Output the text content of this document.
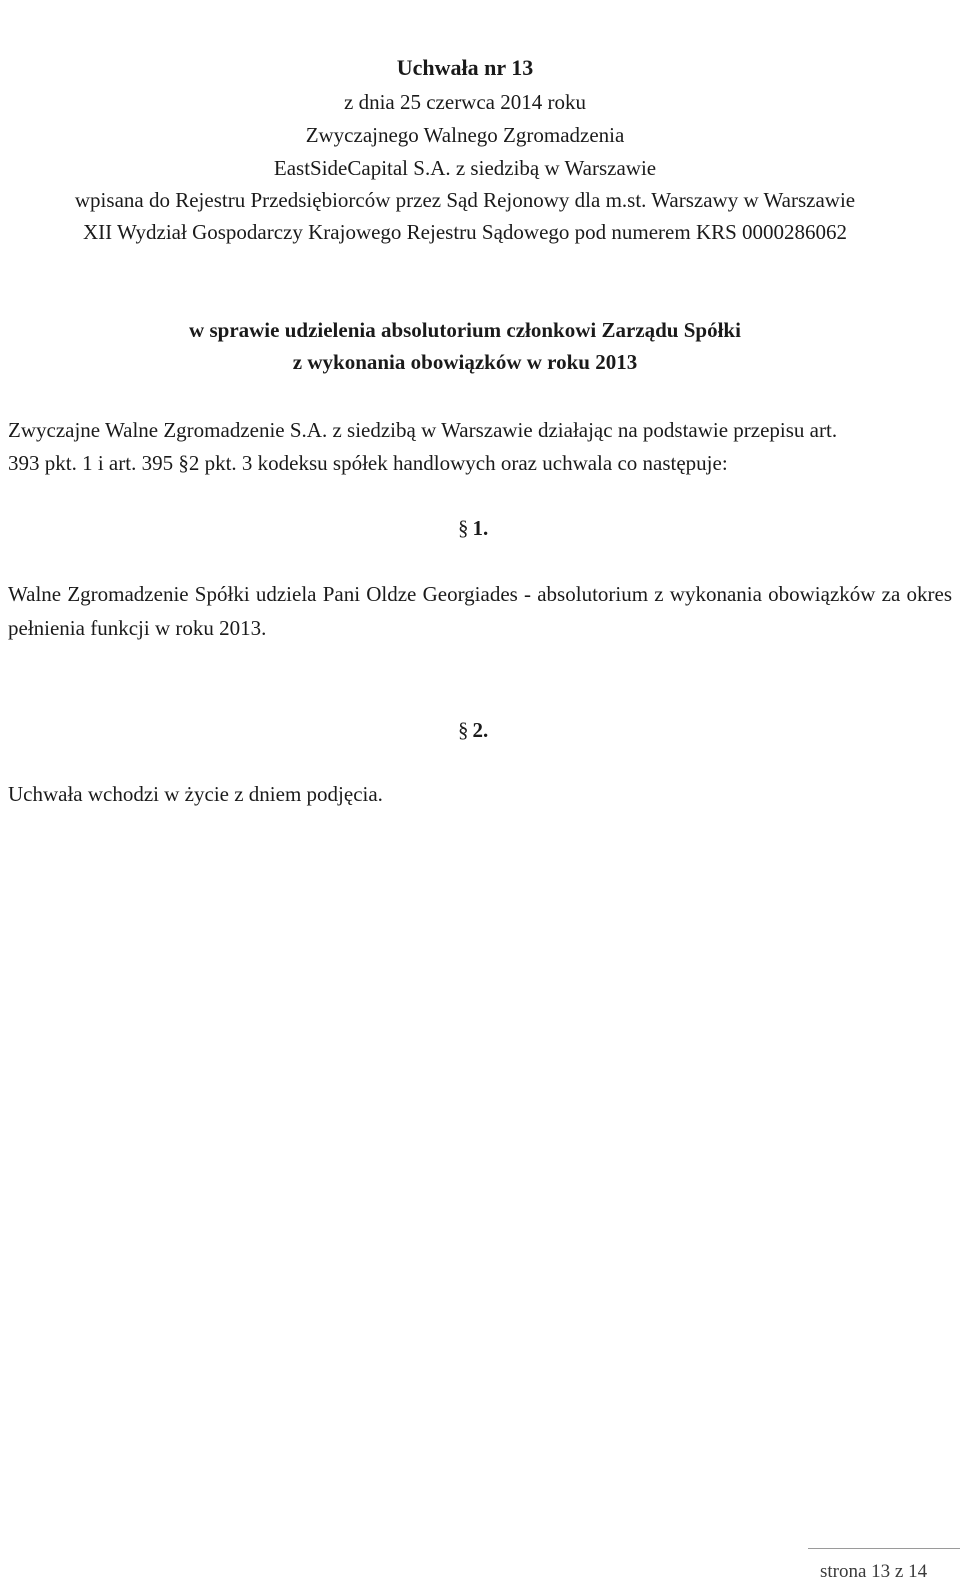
Uchwała nr 13
z dnia 25 czerwca 2014 roku
Zwyczajnego Walnego Zgromadzenia
EastSideCapital S.A. z siedzibą w Warszawie
wpisana do Rejestru Przedsiębiorców przez Sąd Rejonowy dla m.st. Warszawy w Warszawie
XII Wydział Gospodarczy Krajowego Rejestru Sądowego pod numerem KRS 0000286062
w sprawie udzielenia absolutorium członkowi Zarządu Spółki
z wykonania obowiązków w roku 2013
Zwyczajne Walne Zgromadzenie S.A. z siedzibą w Warszawie działając na podstawie przepisu art.
393 pkt. 1 i art. 395 §2 pkt. 3 kodeksu spółek handlowych oraz uchwala co następuje:
§ 1.

Walne Zgromadzenie Spółki udziela Pani Oldze Georgiades - absolutorium z wykonania obowiązków za okres pełnienia funkcji w roku 2013.

§ 2.
Uchwała wchodzi w życie z dniem podjęcia.
strona 13 z 14
